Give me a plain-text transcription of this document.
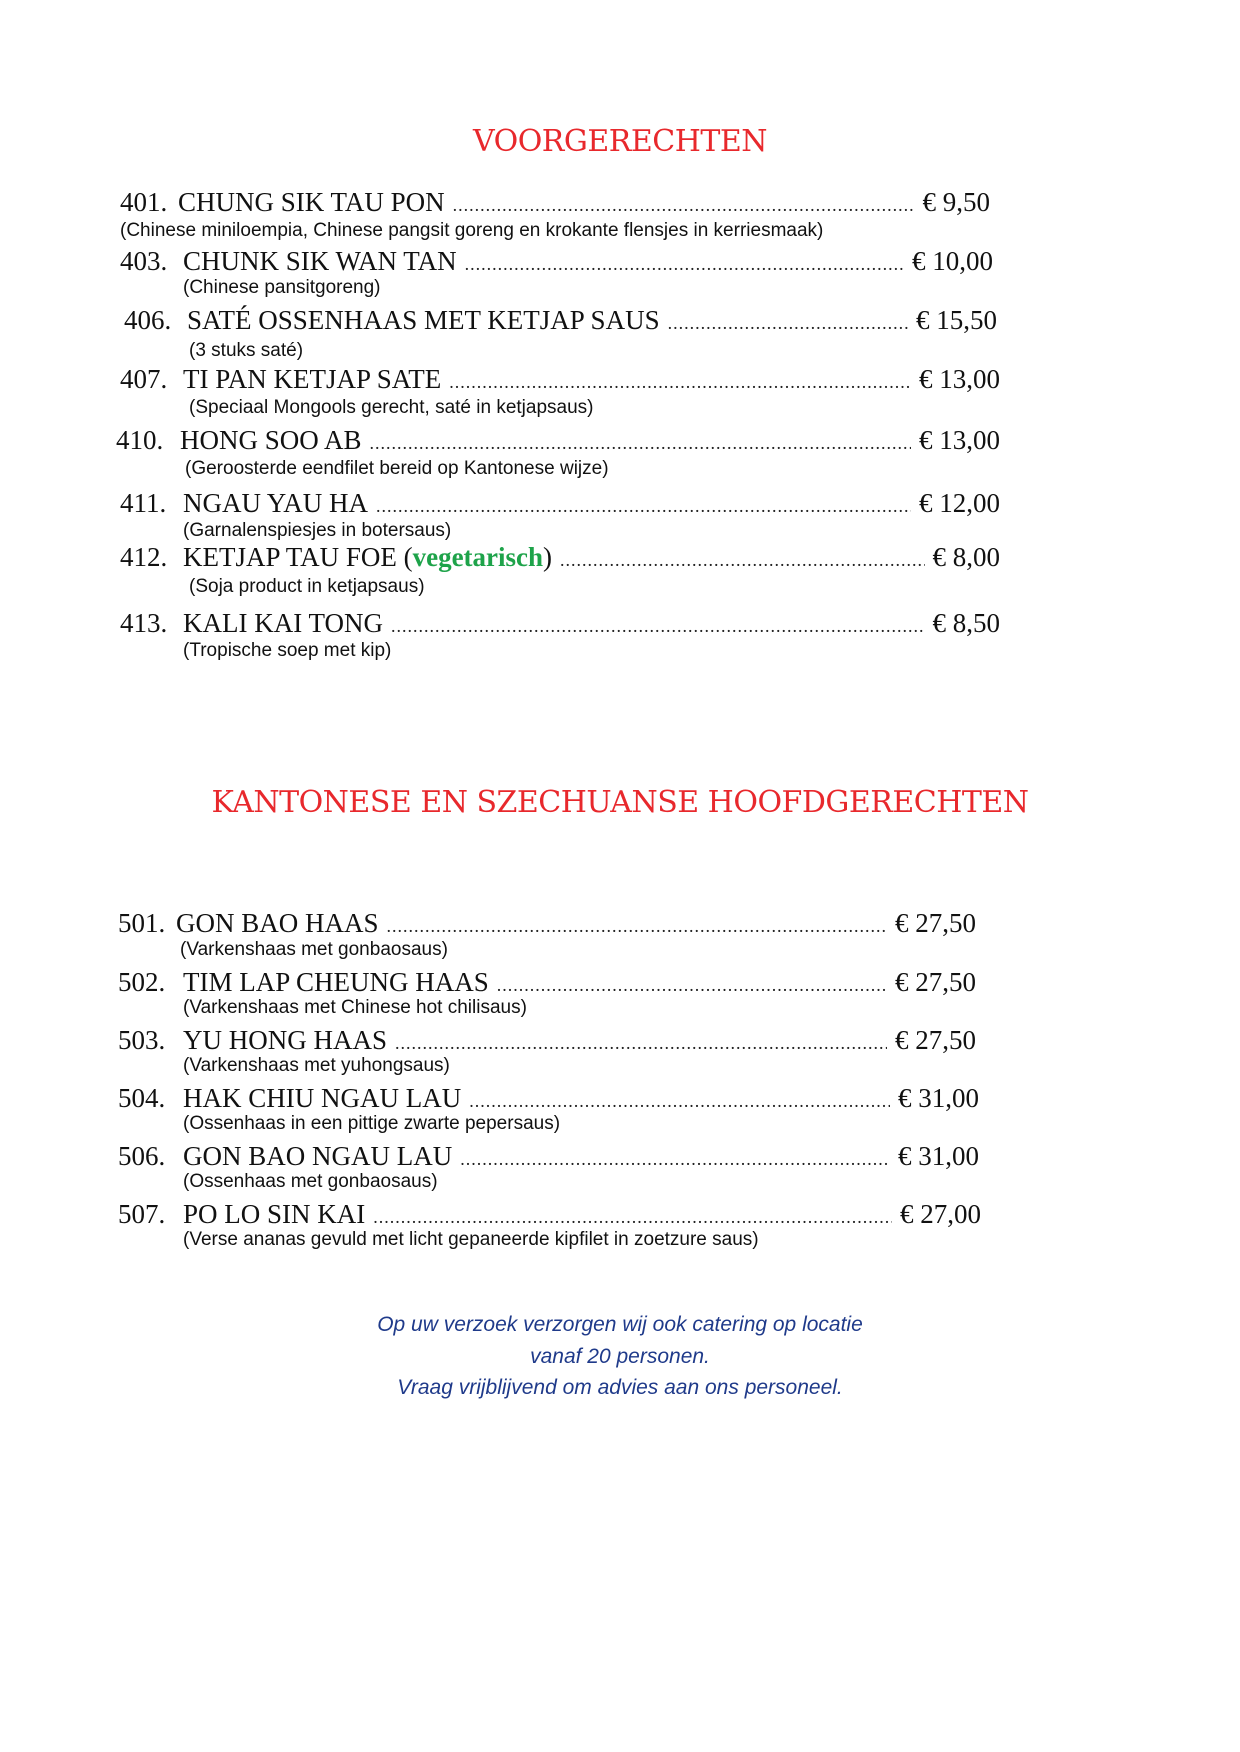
VOORGERECHTEN
401. CHUNG SIK TAU PON .....	€ 9,50
(Chinese miniloempia, Chinese pangsit goreng en krokante flensjes in kerriesmaak)
403. CHUNK SIK WAN TAN .....	€ 10,00
(Chinese pansitgoreng)
406. SATÉ OSSENHAAS MET KETJAP SAUS .....	€ 15,50
(3 stuks saté)
407. TI PAN KETJAP SATE .....	€ 13,00
(Speciaal Mongools gerecht, saté in ketjapsaus)
410. HONG SOO AB .....	€ 13,00
(Geroosterde eendfilet bereid op Kantonese wijze)
411. NGAU YAU HA .....	€ 12,00
(Garnalenspiesjes in botersaus)
412. KETJAP TAU FOE (vegetarisch) .....	€ 8,00
(Soja product in ketjapsaus)
413. KALI KAI TONG .....	€ 8,50
(Tropische soep met kip)
KANTONESE EN SZECHUANSE HOOFDGERECHTEN
501. GON BAO HAAS .....	€ 27,50
(Varkenshaas met gonbaosaus)
502. TIM LAP CHEUNG HAAS .....	€ 27,50
(Varkenshaas met Chinese hot chilisaus)
503. YU HONG HAAS .....	€ 27,50
(Varkenshaas met yuhongsaus)
504. HAK CHIU NGAU LAU .....	€ 31,00
(Ossenhaas in een pittige zwarte pepersaus)
506. GON BAO NGAU LAU .....	€ 31,00
(Ossenhaas met gonbaosaus)
507. PO LO SIN KAI .....	€ 27,00
(Verse ananas gevuld met licht gepaneerde kipfilet in zoetzure saus)

Op uw verzoek verzorgen wij ook catering op locatie

vanaf 20 personen.

Vraag vrijblijvend om advies aan ons personeel.
